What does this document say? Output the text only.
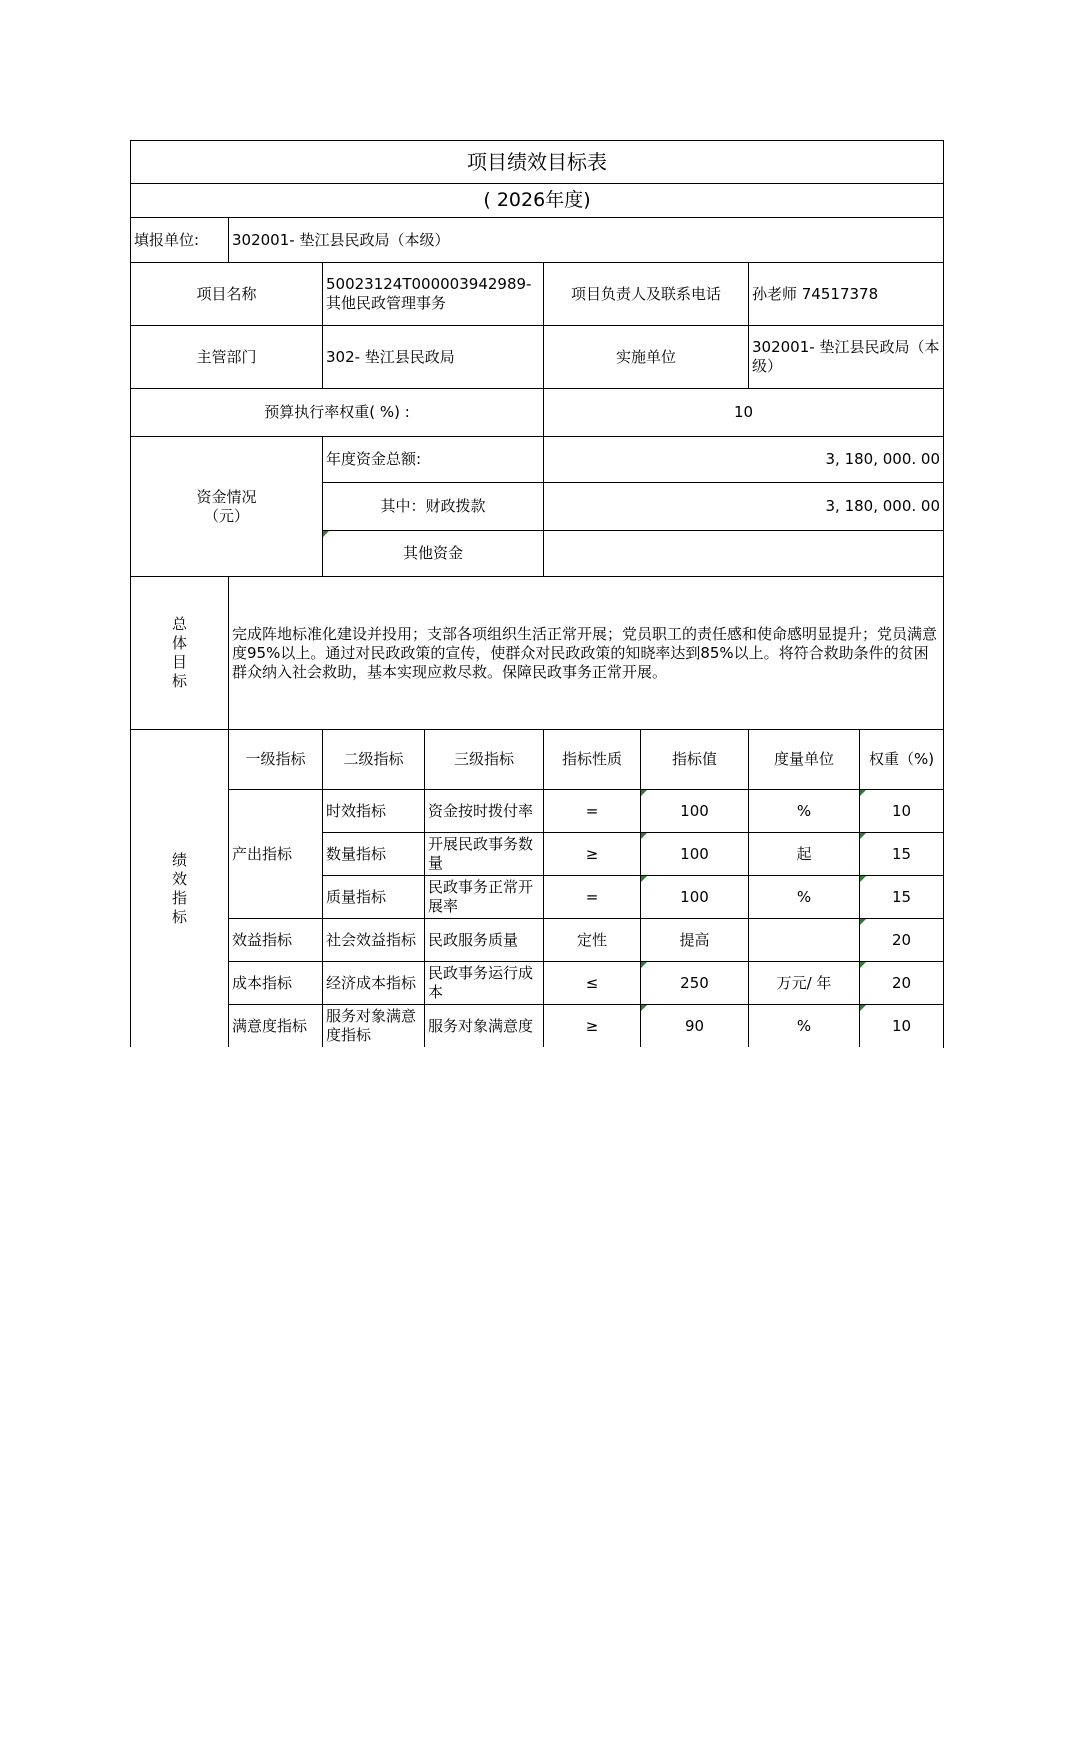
项目绩效目标表							
( 2026年度)							
填报单位:	302001- 垫江县民政局（本级）						
项目名称		50023124T000003942989- 其他民政管理事务		项目负责人及联系电话		孙老师 74517378	
主管部门		302- 垫江县民政局		实施单位		302001- 垫江县民政局（本级）	
预算执行率权重( %) :				10			
资金情况（元）		年度资金总额:		3, 180, 000. 00			
		其中：财政拨款		3, 180, 000. 00			
		其他资金					
总体目标	完成阵地标准化建设并投用；支部各项组织生活正常开展；党员职工的责任感和使命感明显提升；党员满意度95%以上。通过对民政政策的宣传，使群众对民政政策的知晓率达到85%以上。将符合救助条件的贫困群众纳入社会救助，基本实现应救尽救。保障民政事务正常开展。						
绩效指标	一级指标	二级指标	三级指标	指标性质	指标值	度量单位	权重（%)
	产出指标	时效指标	资金按时拨付率	=	100	%	10
		数量指标	开展民政事务数量	≥	100	起	15
		质量指标	民政事务正常开展率	=	100	%	15
	效益指标	社会效益指标	民政服务质量	定性	提高		20
	成本指标	经济成本指标	民政事务运行成本	≤	250	万元/ 年	20
	满意度指标	服务对象满意度指标	服务对象满意度	≥	90	%	10
